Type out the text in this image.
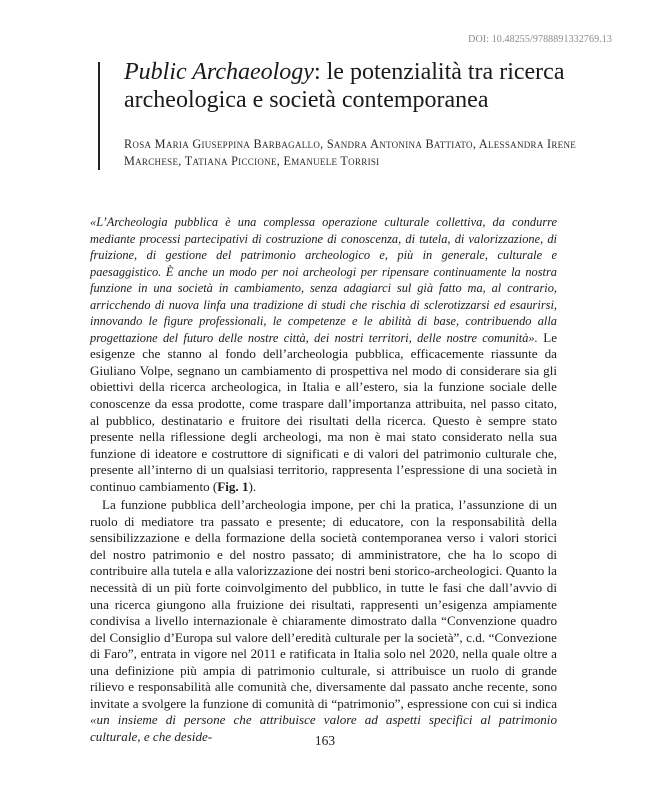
DOI: 10.48255/9788891332769.13
Public Archaeology: le potenzialità tra ricerca archeologica e società contemporanea
Rosa Maria Giuseppina Barbagallo, Sandra Antonina Battiato, Alessandra Irene Marchese, Tatiana Piccione, Emanuele Torrisi

«L’Archeologia pubblica è una complessa operazione culturale collettiva, da condurre mediante processi partecipativi di costruzione di conoscenza, di tutela, di valorizzazione, di fruizione, di gestione del patrimonio archeologico e, più in generale, culturale e paesaggistico. È anche un modo per noi archeologi per ripensare continuamente la nostra funzione in una società in cambiamento, senza adagiarci sul già fatto ma, al contrario, arricchendo di nuova linfa una tradizione di studi che rischia di sclerotizzarsi ed esaurirsi, innovando le figure professionali, le competenze e le abilità di base, contribuendo alla progettazione del futuro delle nostre città, dei nostri territori, delle nostre comunità». Le esigenze che stanno al fondo dell’archeologia pubblica, efficacemente riassunte da Giuliano Volpe, segnano un cambiamento di prospettiva nel modo di considerare sia gli obiettivi della ricerca archeologica, in Italia e all’estero, sia la funzione sociale delle conoscenze da essa prodotte, come traspare dall’importanza attribuita, nel passo citato, al pubblico, destinatario e fruitore dei risultati della ricerca. Questo è sempre stato presente nella riflessione degli archeologi, ma non è mai stato considerato nella sua funzione di ideatore e costruttore di significati e di valori del patrimonio culturale che, presente all’interno di un qualsiasi territorio, rappresenta l’espressione di una società in continuo cambiamento (Fig. 1).

La funzione pubblica dell’archeologia impone, per chi la pratica, l’assunzione di un ruolo di mediatore tra passato e presente; di educatore, con la responsabilità della sensibilizzazione e della formazione della società contemporanea verso i valori storici del nostro patrimonio e del nostro passato; di amministratore, che ha lo scopo di contribuire alla tutela e alla valorizzazione dei nostri beni storico-archeologici. Quanto la necessità di un più forte coinvolgimento del pubblico, in tutte le fasi che dall’avvio di una ricerca giungono alla fruizione dei risultati, rappresenti un’esigenza ampiamente condivisa a livello internazionale è chiaramente dimostrato dalla “Convenzione quadro del Consiglio d’Europa sul valore dell’eredità culturale per la società”, c.d. “Convezione di Faro”, entrata in vigore nel 2011 e ratificata in Italia solo nel 2020, nella quale oltre a una definizione più ampia di patrimonio culturale, si attribuisce un ruolo di grande rilievo e responsabilità alle comunità che, diversamente dal passato anche recente, sono invitate a svolgere la funzione di comunità di “patrimonio”, espressione con cui si indica «un insieme di persone che attribuisce valore ad aspetti specifici al patrimonio culturale, e che deside-	163
